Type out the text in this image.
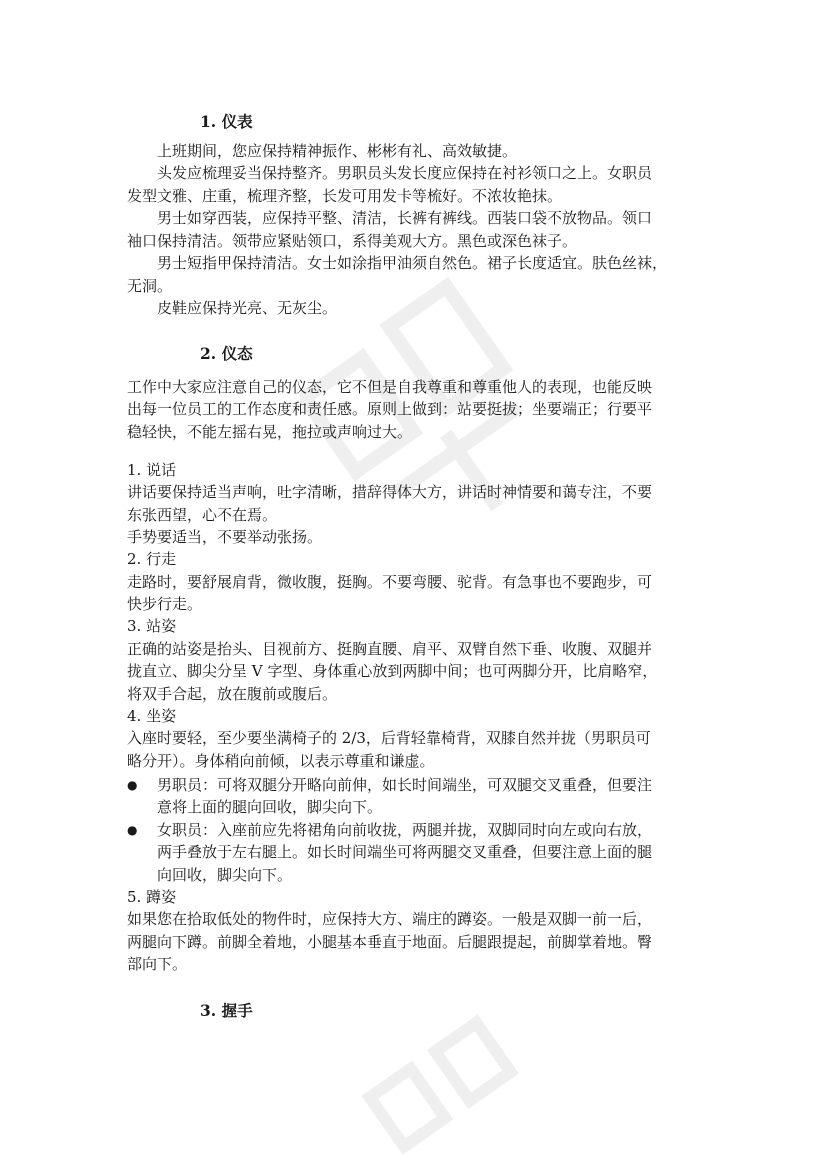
1. 仪表
上班期间，您应保持精神振作、彬彬有礼、高效敏捷。
头发应梳理妥当保持整齐。男职员头发长度应保持在衬衫领口之上。女职员
发型文雅、庄重，梳理齐整，长发可用发卡等梳好。不浓妆艳抹。
男士如穿西装，应保持平整、清洁，长裤有裤线。西装口袋不放物品。领口
袖口保持清洁。领带应紧贴领口，系得美观大方。黑色或深色袜子。
男士短指甲保持清洁。女士如涂指甲油须自然色。裙子长度适宜。肤色丝袜，
无洞。
皮鞋应保持光亮、无灰尘。
2. 仪态
工作中大家应注意自己的仪态，它不但是自我尊重和尊重他人的表现，也能反映
出每一位员工的工作态度和责任感。原则上做到：站要挺拔；坐要端正；行要平
稳轻快，不能左摇右晃，拖拉或声响过大。
1. 说话
讲话要保持适当声响，吐字清晰，措辞得体大方，讲话时神情要和蔼专注，不要
东张西望，心不在焉。
手势要适当，不要举动张扬。
2. 行走
走路时，要舒展肩背，微收腹，挺胸。不要弯腰、驼背。有急事也不要跑步，可
快步行走。
3. 站姿
正确的站姿是抬头、目视前方、挺胸直腰、肩平、双臂自然下垂、收腹、双腿并
拢直立、脚尖分呈 V 字型、身体重心放到两脚中间；也可两脚分开，比肩略窄，
将双手合起，放在腹前或腹后。
4. 坐姿
入座时要轻，至少要坐满椅子的 2/3，后背轻靠椅背，双膝自然并拢（男职员可
略分开）。身体稍向前倾，以表示尊重和谦虚。
● 男职员：可将双腿分开略向前伸，如长时间端坐，可双腿交叉重叠，但要注
意将上面的腿向回收，脚尖向下。
● 女职员：入座前应先将裙角向前收拢，两腿并拢，双脚同时向左或向右放，
两手叠放于左右腿上。如长时间端坐可将两腿交叉重叠，但要注意上面的腿
向回收，脚尖向下。
5. 蹲姿
如果您在拾取低处的物件时，应保持大方、端庄的蹲姿。一般是双脚一前一后，
两腿向下蹲。前脚全着地，小腿基本垂直于地面。后腿跟提起，前脚掌着地。臀
部向下。
3. 握手
